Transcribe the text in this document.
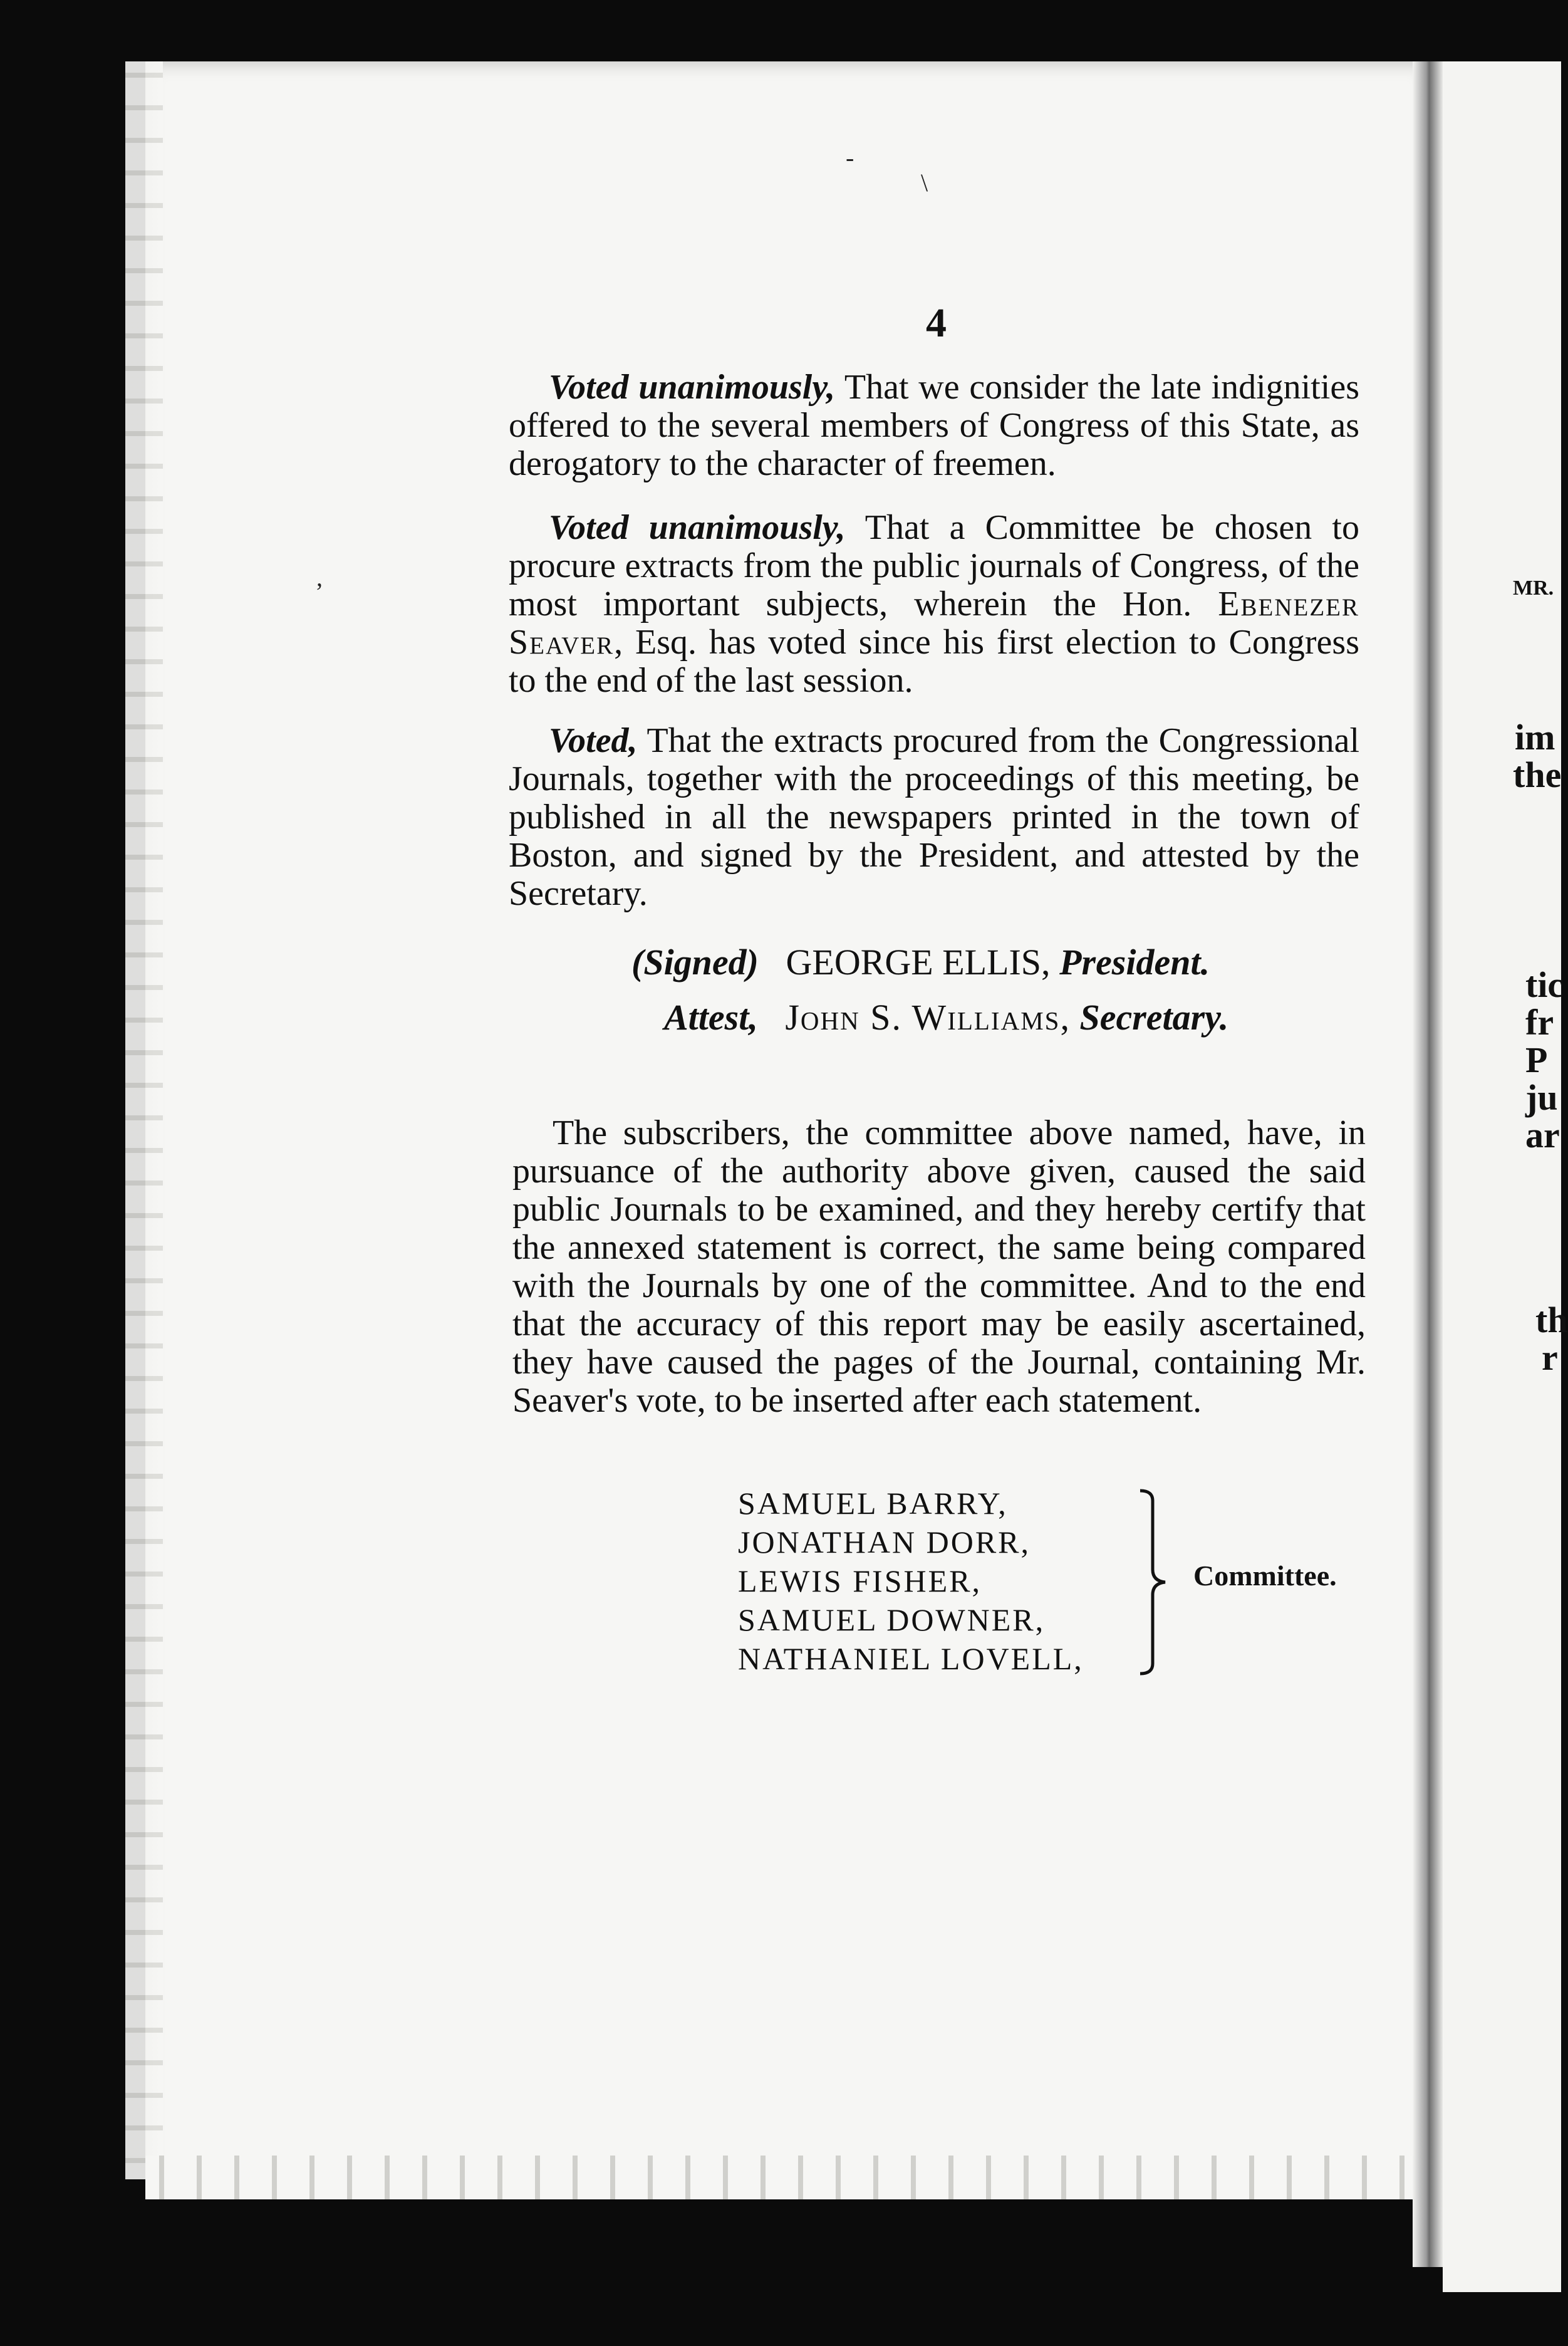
MR.
im
the
tic
fr
P
ju
ar
th
r
-
\
,
4

Voted unanimously, That we consider the late indignities offered to the several members of Congress of this State, as derogatory to the character of freemen.

Voted unanimously, That a Committee be chosen to procure extracts from the public journals of Congress, of the most important subjects, wherein the Hon. Ebenezer Seaver, Esq. has voted since his first election to Congress to the end of the last session.

Voted, That the extracts procured from the Congressional Journals, together with the proceedings of this meeting, be published in all the newspapers printed in the town of Boston, and signed by the President, and attested by the Secretary.

(Signed) GEORGE ELLIS, President.
Attest, John S. Williams, Secretary.

The subscribers, the committee above named, have, in pursuance of the authority above given, caused the said public Journals to be examined, and they hereby certify that the annexed statement is correct, the same being compared with the Journals by one of the committee. And to the end that the accuracy of this report may be easily ascertained, they have caused the pages of the Journal, containing Mr. Seaver's vote, to be inserted after each statement.

SAMUEL BARRY,
JONATHAN DORR,
LEWIS FISHER,
SAMUEL DOWNER,
NATHANIEL LOVELL,
Committee.
